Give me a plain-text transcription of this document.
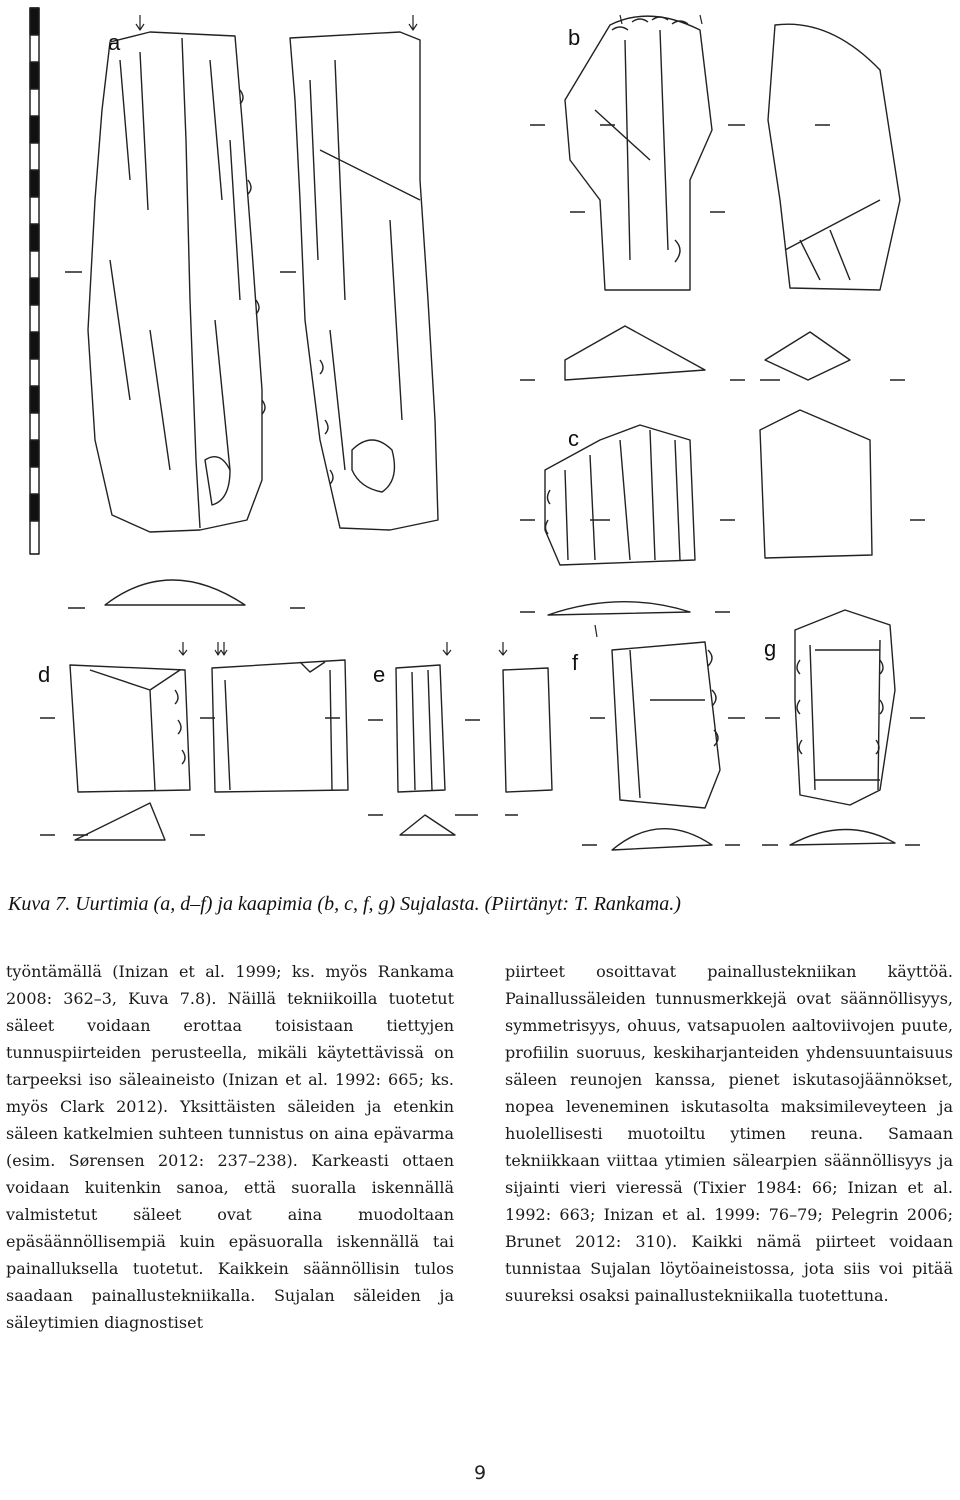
a	b
c
d	e	f
g

Kuva 7. Uurtimia (a, d–f) ja kaapimia (b, c, f, g) Sujalasta. (Piirtänyt: T. Rankama.)

työntämällä (Inizan et al. 1999; ks. myös Rankama 2008: 362–3, Kuva 7.8). Näillä tekniikoilla tuotetut säleet voidaan erottaa toisistaan tiettyjen tunnuspiirteiden perusteella, mikäli käytettävissä on tarpeeksi iso säleaineisto (Inizan et al. 1992: 665; ks. myös Clark 2012). Yksittäisten säleiden ja etenkin säleen katkelmien suhteen tunnistus on aina epävarma (esim. Sørensen 2012: 237–238). Karkeasti ottaen voidaan kuitenkin sanoa, että suoralla iskennällä valmistetut säleet ovat aina muodoltaan epäsäännöllisempiä kuin epäsuoralla iskennällä tai painalluksella tuotetut. Kaikkein säännöllisin tulos saadaan painallustekniikalla. Sujalan säleiden ja säleytimien diagnostiset

piirteet osoittavat painallustekniikan käyttöä. Painallussäleiden tunnusmerkkejä ovat säännöllisyys, symmetrisyys, ohuus, vatsapuolen aaltoviivojen puute, profiilin suoruus, keskiharjanteiden yhdensuuntaisuus säleen reunojen kanssa, pienet iskutasojäännökset, nopea leveneminen iskutasolta maksimileveyteen ja huolellisesti muotoiltu ytimen reuna. Samaan tekniikkaan viittaa ytimien sälearpien säännöllisyys ja sijainti vieri vieressä (Tixier 1984: 66; Inizan et al. 1992: 663; Inizan et al. 1999: 76–79; Pelegrin 2006; Brunet 2012: 310). Kaikki nämä piirteet voidaan tunnistaa Sujalan löytöaineistossa, jota siis voi pitää suureksi osaksi painallustekniikalla tuotettuna.

9
